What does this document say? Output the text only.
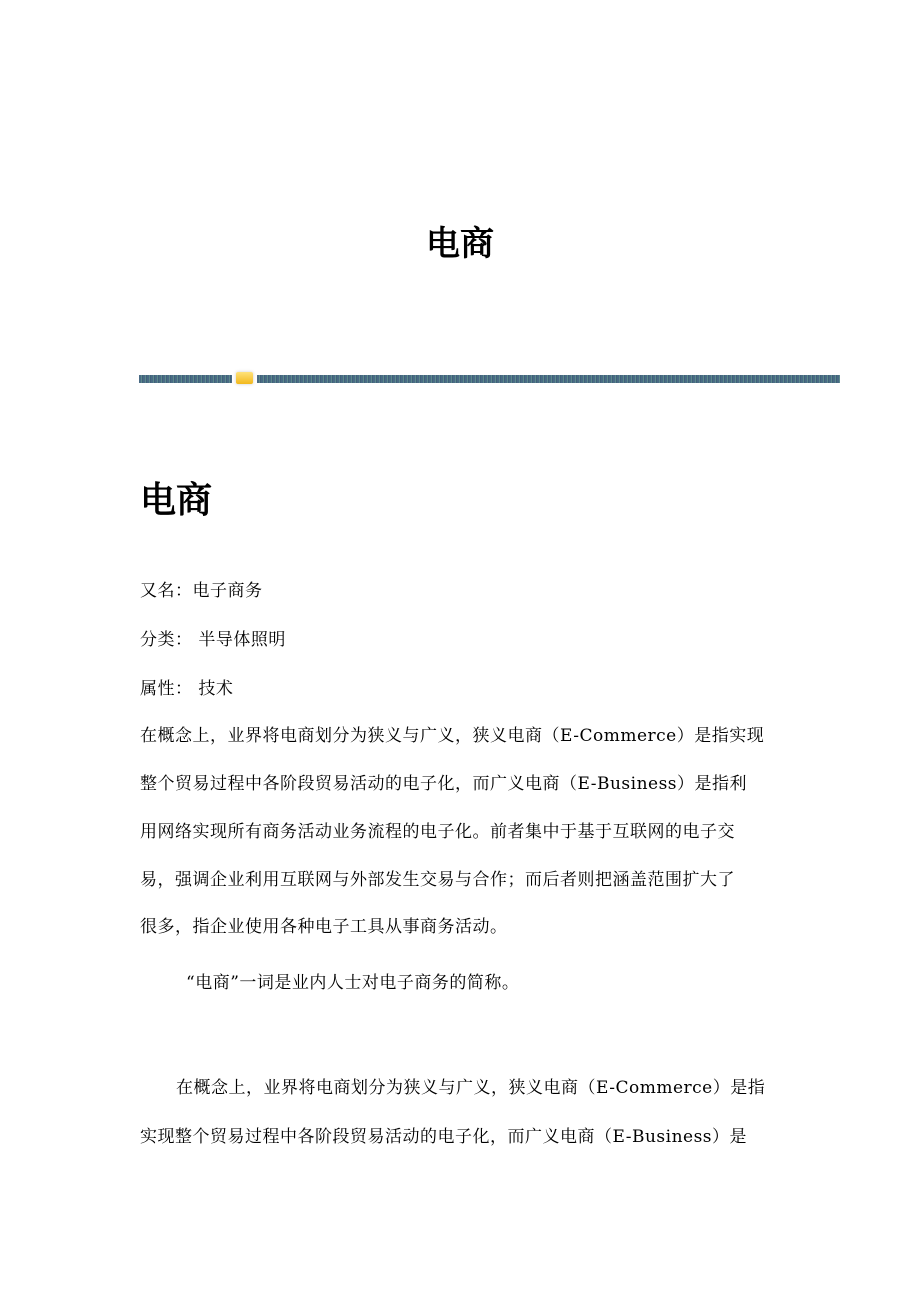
电商
电商
又名：电子商务
分类： 半导体照明
属性： 技术
在概念上，业界将电商划分为狭义与广义，狭义电商（E-Commerce）是指实现
整个贸易过程中各阶段贸易活动的电子化，而广义电商（E-Business）是指利
用网络实现所有商务活动业务流程的电子化。前者集中于基于互联网的电子交
易，强调企业利用互联网与外部发生交易与合作；而后者则把涵盖范围扩大了
很多，指企业使用各种电子工具从事商务活动。
“电商”一词是业内人士对电子商务的简称。
在概念上，业界将电商划分为狭义与广义，狭义电商（E-Commerce）是指
实现整个贸易过程中各阶段贸易活动的电子化，而广义电商（E-Business）是
